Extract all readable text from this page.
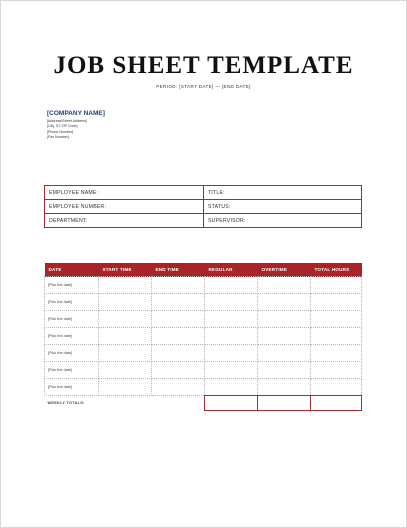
JOB SHEET TEMPLATE
PERIOD: [START DATE] — [END DATE]
[COMPANY NAME]
[Address\Street Address]
[City, ST ZIP Code]
[Phone Number]
[Fax Number]
EMPLOYEE NAME:	TITLE:
EMPLOYEE NUMBER:	STATUS:
DEPARTMENT:	SUPERVISOR:
DATE	START TIME	END TIME	REGULAR	OVERTIME	TOTAL HOURS
[Pick the date]					
[Pick the date]					
[Pick the date]					
[Pick the date]					
[Pick the date]					
[Pick the date]					
[Pick the date]					
WEEKLY TOTALS:					
